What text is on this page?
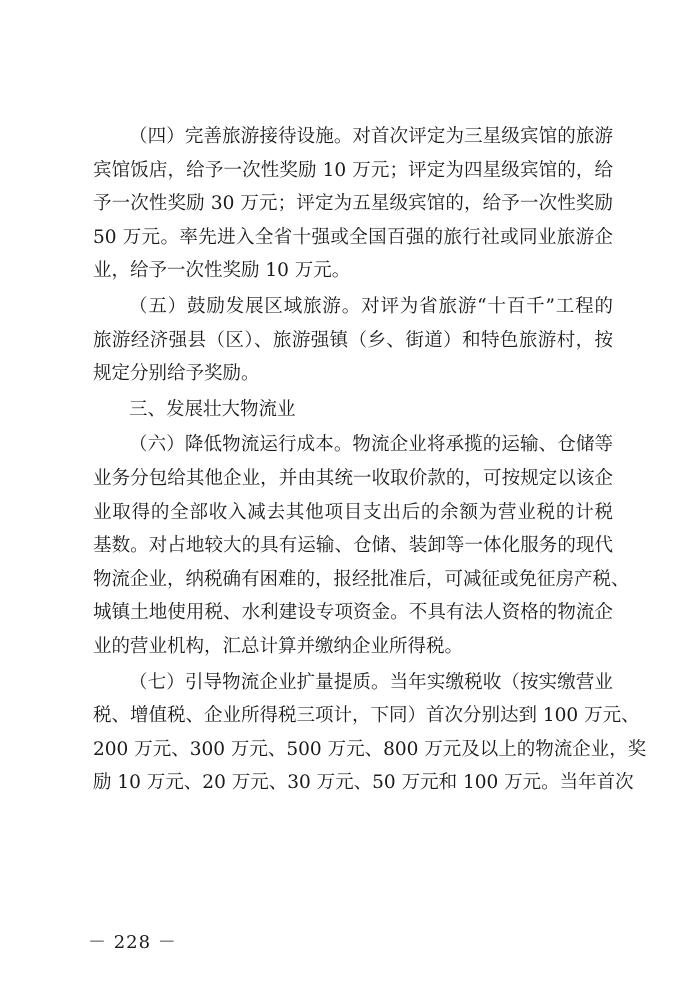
（四）完善旅游接待设施。对首次评定为三星级宾馆的旅游
宾馆饭店，给予一次性奖励 10 万元；评定为四星级宾馆的，给
予一次性奖励 30 万元；评定为五星级宾馆的，给予一次性奖励
50 万元。率先进入全省十强或全国百强的旅行社或同业旅游企
业，给予一次性奖励 10 万元。
（五）鼓励发展区域旅游。对评为省旅游“十百千”工程的
旅游经济强县（区）、旅游强镇（乡、街道）和特色旅游村，按
规定分别给予奖励。
三、发展壮大物流业
（六）降低物流运行成本。物流企业将承揽的运输、仓储等
业务分包给其他企业，并由其统一收取价款的，可按规定以该企
业取得的全部收入减去其他项目支出后的余额为营业税的计税
基数。对占地较大的具有运输、仓储、装卸等一体化服务的现代
物流企业，纳税确有困难的，报经批准后，可减征或免征房产税、
城镇土地使用税、水利建设专项资金。不具有法人资格的物流企
业的营业机构，汇总计算并缴纳企业所得税。
（七）引导物流企业扩量提质。当年实缴税收（按实缴营业
税、增值税、企业所得税三项计，下同）首次分别达到 100 万元、
200 万元、300 万元、500 万元、800 万元及以上的物流企业，奖
励 10 万元、20 万元、30 万元、50 万元和 100 万元。当年首次
－ 228 －
